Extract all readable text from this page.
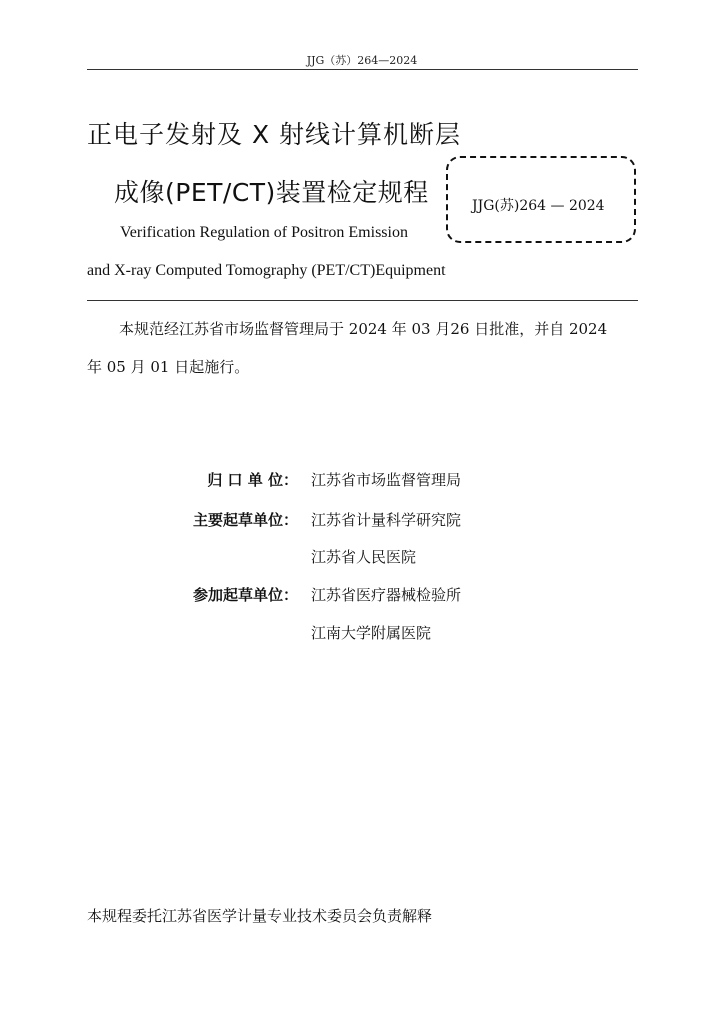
JJG（苏）264—2024
正电子发射及 X 射线计算机断层
成像(PET/CT)装置检定规程	JJG(苏)264 — 2024
Verification Regulation of Positron Emission
and X-ray Computed Tomography (PET/CT)Equipment
本规范经江苏省市场监督管理局于 2024 年 03 月26 日批准，并自 2024
年 05 月 01 日起施行。
归 口 单 位： 江苏省市场监督管理局
主要起草单位： 江苏省计量科学研究院
江苏省人民医院
参加起草单位： 江苏省医疗器械检验所
江南大学附属医院
本规程委托江苏省医学计量专业技术委员会负责解释
